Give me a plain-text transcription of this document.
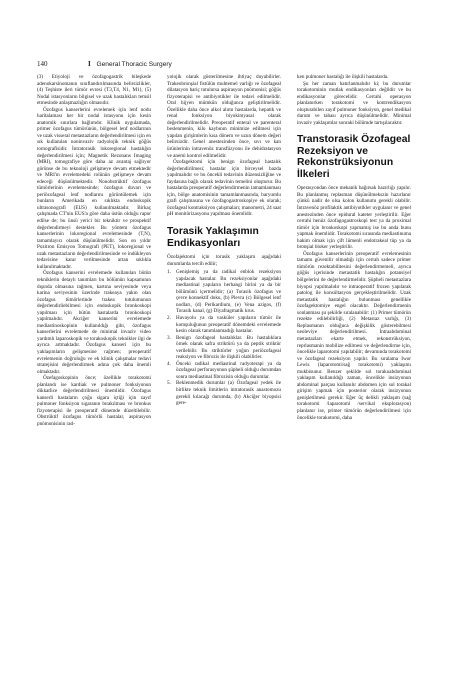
140	I General Thoracic Surgery

(3) Etiyoloji ve özofagogastrik bileşkede adenokarsinomanın sınıflandırılmasında belirsizlikler, (4) Teşhiste ileri tümör evresi (T3,T4, N1, M1), (5) Nodal istasyonların bilgisel ve uzak hastalıkları temsil etmesinde anlaşmazlığın olmasıdır.

Özofagus kanserlerini evrelemek için lenf nodu haritalaması her bir nodal istasyonu için kesin anatomik sınırlara bağlımdır. Klinik uygulamada, primer özofagus tümörünün, bölgesel lenf nodlarının ve uzak visseral metastazların değerlendirilmesi için en sık kullanılan noninvaziv radyolojik teknik göğüs tomografisidir. İntratorasik lokoregional hastalığın değerlendirilmesi için; Magnetik Rezonans Imaging (MRI), tomografiye göre daha az avantaj sağlıyor görünse de bu teknoloji gelişmeye devam etmektedir ve MRI'ın evrelemedeki rolünün gelişmeye devam edeceği düşünülmektedir. Nonobstrüktif özofagus tümörlerinin evrelemesinde; özofagus duvarı ve periözofageal lenf nodlarını görüntülemek için bunların Amerikada en sıklıkta endoskopik ultrasonografi (EUS) kullanılmaktadır. Birkaç çalışmada CT'nin EUS'a göre daha üstün olduğu rapor edilse de; bu ünsü yerici bir tekniktir ve prospektif değerlendirmeyi destekler. Bu yöntem özofagus kanserlerinin lokoregional evrelemesinde (T,N), tamamlayıcı olarak düşünülmelidir. Son on yıldır Pozitron Emisyon Tomografi (PET), lokoregional ve uzak metastazların değerlendirilmesinde ve indükleyon tedavisine karar verilmesinde artan sıklıkla kullanılmaktadır.

Özofagus kanserini evrelemede kullanılan bütün tekniklerin detaylı tanımları bu bölümün kapsamının dışında olmasına rağmen, kartına seviyesinde veya karina seviyesinin üzerinde trakeaya yakın olan özofagus tümörlerinde trakea tutulumunun değerlendirilebilmesi için endoskopik bronkoskopi yapılması için bütün hastalarda bronkoskopi yapılmalıdır. Akciğer kanserini evrelemede mediastinoskopinin kullanıldığı gibi, özofagus kanserlerini evrelemede de minimal invaziv video yardımlı laparoskopik ve torakoskopik teknikler ilgi de ayrıca artmaktadır. Özofagus kanseri için bu yaklaşımların gelişmesine rağmen; preoperatif evrelemenin doğruluğu ve ek klinik çalışmalar tedavi stratejisini değerlendirmek adına çok daha önemli olmaktadır.

Özefagoskopinin önce; özellikle torakotomi planlandı ise kardiak ve pulmoner fonksiyonun dikkatlice değerlendirilmesi önemlidir. Özofagus kanserli hastaların çoğu sigara içtiği için zayıf pulmoner fonksiyon sıgaranın bırakılması ve bronkus fizyoterapisi ile preoperatif dönemde düzeltilebilir. Obstrüktif özofagus tümörlü hastalar, aspirasyon pnömonisinin rad-

yolojik olarak gösterilmesine ihtiyaç duyabilirler. Trakeobronşial fistülün muhtemel varlığı ve özofageal dilatasyon hariç tutulursa aspirasyon pnömonisi; göğüs fizyoterapisi ve antibiyotikler ile tedavi edilmelidir. Oral hijyen mümkün olduğunca geliştirilmelidir. Özellikle daha önce alkol alımı hastalarda, hepatik ve renal fonksiyon biyokimyasal olarak değerlendirilmelidir. Preoperatif enteral ve parenteral beslenmenin, kilo kaybının minimize edilmesi için yapılan girişimlerin kısa dönem ve uzun dönem değeri belirsizdir. Genel anestezinden önce, sıvı ve kan ürünlerinin intravenöz transfüzyonu ile dehidratasyon ve anemi kontrol edilmelidir.

Özofagektomi için benign özofageal hastalık değerlendirilmesi; hastalar için birceysel bazda yapılmalıdır ve bu öncekli tedavinin düzensizliğine ve faydasına bağlı olarak tedavinin temelini oluşturur. Bu hastalarda preoperatif değerlendirmenin tamamlanması için, bölge anatomisinin tamamlanmasında, baryumlu grafi çalışmasına ve özofagogastroskopiye ek olarak; özofageal kontraksiyon çalışmaları; manometri, 24 saat pH monitörizasyonu yapılması önemlidir.

Torasik Yaklaşımın Endikasyonları

Özofajektomi için torasik yaklaşım aşağıdaki durumlarda tercih edilir;

Genişlemiş ya da radikal enblok rezeksiyon yapılacak hastalar. Bu rezeksiyonlar aşağıdaki mediastinal yapıların herhangi birini ya da bir bölümünü içermelidir; (a) Torasik özofagus ve çevre konnektif doku, (b) Plevra (c) Bölgesel lenf nodları, (d) Perikardium, (e) Vena azigos, (f) Torasik kanal, (g) Diyafragmatik krus.
Havayolu ya da vasküler yapıların tümör ile komşuluğunun preoperatif dönemdeki evrelemede kesin olarak tanımlanmadığı hastalar.
Benign özofageal hastalıklar. Bu hastalıklara örnek olarak safra striktürü ya da peptik striktür verilebilir. Bu striktürler yoğun periözofageal reaksiyon ve fibrozis ile ilişkili olabilirler.
Önceki radikal mediastinal radyoterapi ya da özofageal perforasyonun şüpheli olduğu durumdan sonra mediastinal fibrozisin olduğu durumlar.
Beklenmedik durumlar (a) Özofageal yedek ile birlikte teknik limitlerin intratorasik anastomozu gerekli kılacağı durumda, (b) Akciğer biyopsisi gere-

ken pulmoner hastalığı ile ilişkili hastalarda.

Şu her zaman hatırlanmalıdır ki; bu durumlar torakotominin mutlak endikasyonları değildir ve bu endikasyonlar görecelidir. Cerrahi operasyon planlanırken torakotomi ve kontrendikasyon oluşturabilen zayıf pulmoner fonksiyon, genel medikal durum ve tahası ayrıca düşünülmelidir. Minimal invaziv yaklaşımlar sonraki bölümde tartışılacaktır.

Transtorasik Özofageal Rezeksiyon ve Rekonstrüksiyonun İlkeleri

Operasyondan önce mekanik bağırsak hazırlığı yapılır. Bu planlanmış replasman düşünülmekszin hazırlanır çünkü nadir de olsa kolon kullanımı gerekli olabilir. İntravenöz profilaktik antibiyotikler uygulanır ve genel anestezinden önce epidural kateter yerleştirilir. Eğer cerrahi henüz özofagogastroskopi test ya da proximal tümör için bronkoskopi yapmamış ise bu anda bunu yapmak önemlidir. Torakotomi sırasında mediastinuma hakim olmak için çift lümenli endotrakeal tüp ya da bronşial bloker yerleştirilir.

Özofagus kanserlerinin preoperatif evrelemesinin tamamı güvenilir olmadığı için cerrah sadece primer tümörün rezektabilitesini değerlendirmemeli, ayrıca göğüs içerisinde metastatik hastalığın potansiyel bölgelerini de değerlendirmelidir. Şüpheli metastazlara biyopsi yapılmalıdır ve intraoperatif frozen yapılarak patolog ile konsültasyon gerçekleştirilmelidir. Uzak metastatik hastalığın bulunması genellikle özofagektomiye engel olacaktır. Değerlendirmenin sonlanması şu şekilde sıralanabilir: (1) Primer tümörün rezekte edilebilirliği, (2) Metastaz varlığı, (3) Replasmanın olduğuca değişkilik gösterebilmesi neoleviye değerlendirilmesi. İntraabdominal metastazları ekarte etmek, rekonstrüksiyon, reprlasmanin mobilize edilmesi ve değerlendirme için, öncelikle laparotomi yapılabilir; devamında torakotomi ve özofageal rezeksiyon yapılır. Bu sıralama Iwor Lewis (laparotomi/sağ torakotomi) yaklaşımı mukbisunur. Benzer şekilde sol torakoabdominal yaklaşım kullanıldığı zaman, öncelikle insizyonun abdominal parçası kullanılır abdomen için sol torakal girişim yapmak için posterior olarak insizyonun genişletilmesi gerekir. Eğer üç delikli yaklaşım (sağ torakotomi /laparotomi /servikal eksplorasyon) planlanır ise, primer tümörün değerlendirilmesi için öncelikle torakotomi, daha
